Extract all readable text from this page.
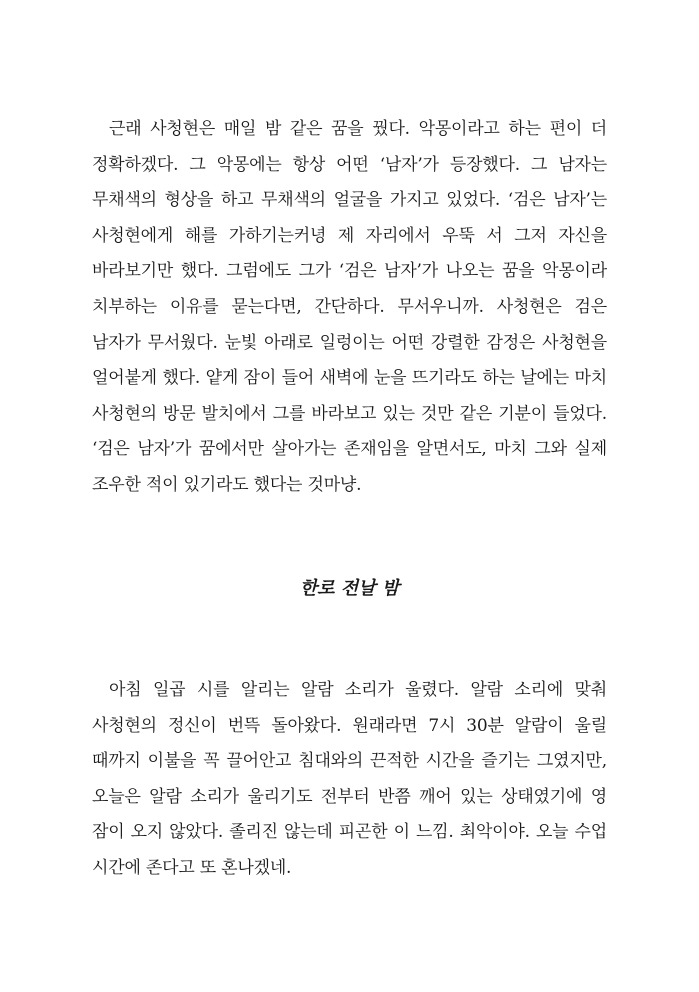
근래 사청현은 매일 밤 같은 꿈을 꿨다. 악몽이라고 하는 편이 더 정확하겠다. 그 악몽에는 항상 어떤 ‘남자’가 등장했다. 그 남자는 무채색의 형상을 하고 무채색의 얼굴을 가지고 있었다. ‘검은 남자’는 사청현에게 해를 가하기는커녕 제 자리에서 우뚝 서 그저 자신을 바라보기만 했다. 그럼에도 그가 ‘검은 남자’가 나오는 꿈을 악몽이라 치부하는 이유를 묻는다면, 간단하다. 무서우니까. 사청현은 검은 남자가 무서웠다. 눈빛 아래로 일렁이는 어떤 강렬한 감정은 사청현을 얼어붙게 했다. 얕게 잠이 들어 새벽에 눈을 뜨기라도 하는 날에는 마치 사청현의 방문 발치에서 그를 바라보고 있는 것만 같은 기분이 들었다. ‘검은 남자’가 꿈에서만 살아가는 존재임을 알면서도, 마치 그와 실제 조우한 적이 있기라도 했다는 것마냥.

한로 전날 밤

아침 일곱 시를 알리는 알람 소리가 울렸다. 알람 소리에 맞춰 사청현의 정신이 번뜩 돌아왔다. 원래라면 7시 30분 알람이 울릴 때까지 이불을 꼭 끌어안고 침대와의 끈적한 시간을 즐기는 그였지만, 오늘은 알람 소리가 울리기도 전부터 반쯤 깨어 있는 상태였기에 영 잠이 오지 않았다. 졸리진 않는데 피곤한 이 느낌. 최악이야. 오늘 수업 시간에 존다고 또 혼나겠네.
